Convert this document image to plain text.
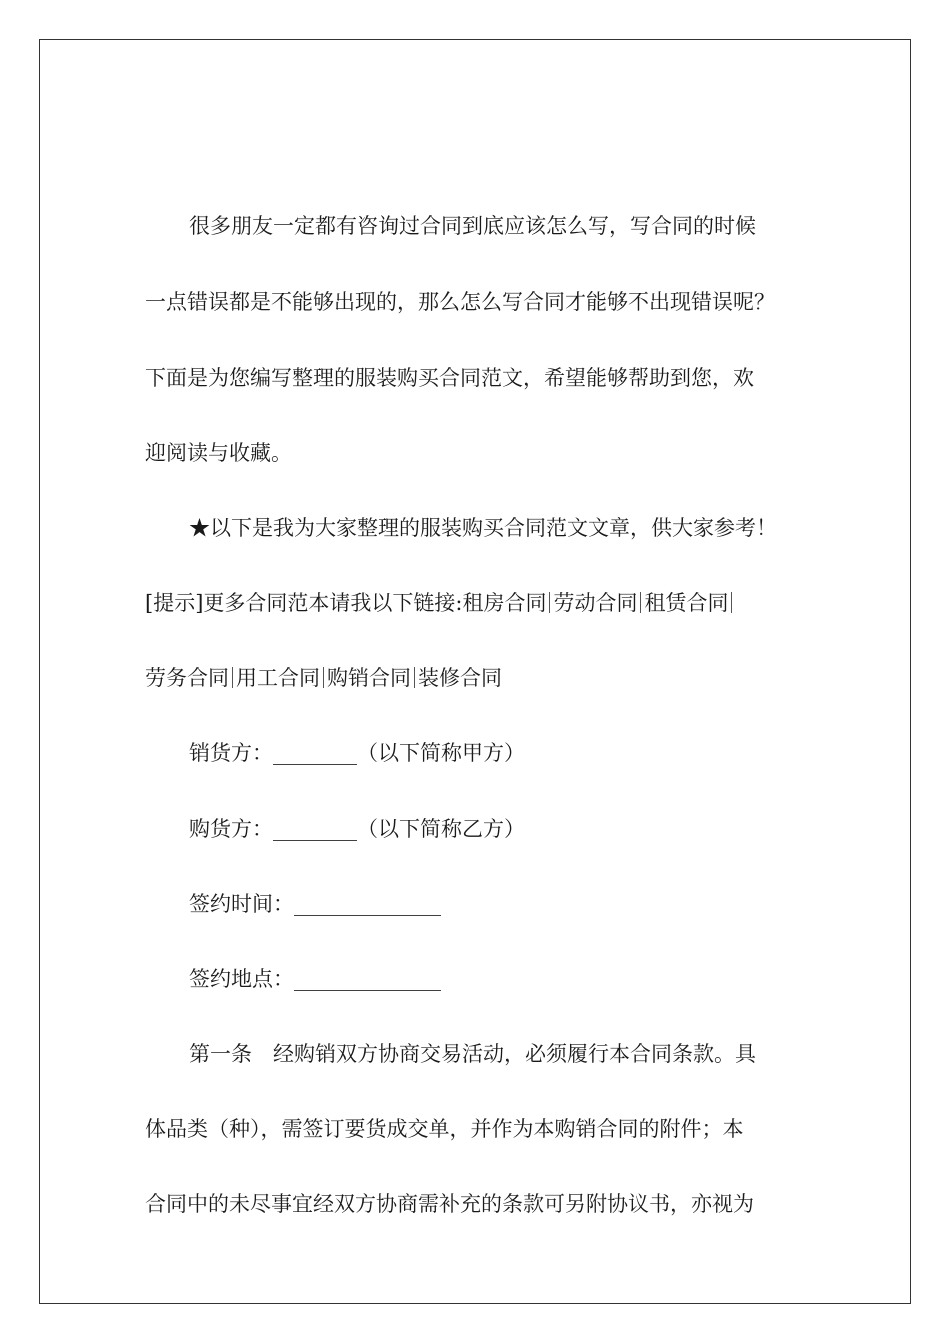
很多朋友一定都有咨询过合同到底应该怎么写，写合同的时候
一点错误都是不能够出现的，那么怎么写合同才能够不出现错误呢？
下面是为您编写整理的服装购买合同范文，希望能够帮助到您，欢
迎阅读与收藏。
★以下是我为大家整理的服装购买合同范文文章，供大家参考！
[提示]更多合同范本请我以下链接:租房合同 劳动合同 租赁合同
劳务合同 用工合同 购销合同 装修合同
销货方：________（以下简称甲方）
购货方：________（以下简称乙方）
签约时间：______________
签约地点：______________
第一条　经购销双方协商交易活动，必须履行本合同条款。具
体品类（种），需签订要货成交单，并作为本购销合同的附件；本
合同中的未尽事宜经双方协商需补充的条款可另附协议书，亦视为
